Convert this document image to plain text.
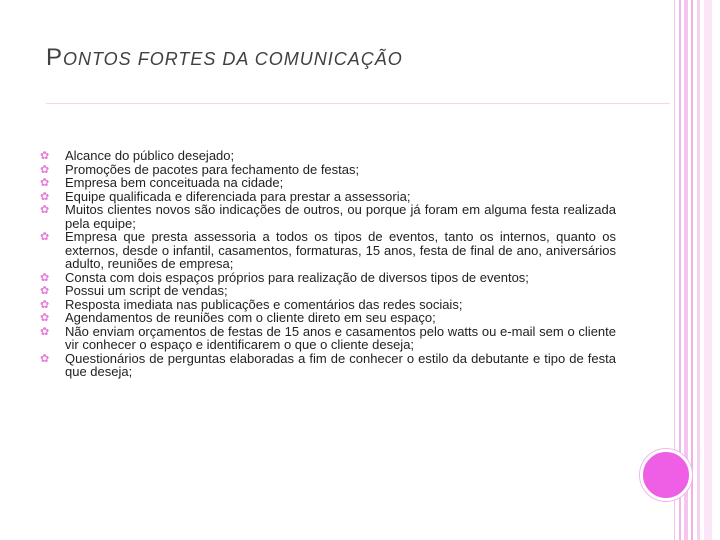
PONTOS FORTES DA COMUNICAÇÃO
✿ Alcance do público desejado;
✿ Promoções de pacotes para fechamento de festas;
✿ Empresa bem conceituada na cidade;
✿ Equipe qualificada e diferenciada para prestar a assessoria;
✿ Muitos clientes novos são indicações de outros, ou porque já foram em alguma festa realizada pela equipe;
✿ Empresa que presta assessoria a todos os tipos de eventos, tanto os internos, quanto os externos, desde o infantil, casamentos, formaturas, 15 anos, festa de final de ano, aniversários adulto, reuniões de empresa;
✿ Consta com dois espaços próprios para realização de diversos tipos de eventos;
✿ Possui um script de vendas;
✿ Resposta imediata nas publicações e comentários das redes sociais;
✿ Agendamentos de reuniões com o cliente direto em seu espaço;
✿ Não enviam orçamentos de festas de 15 anos e casamentos pelo watts ou e-mail sem o cliente vir conhecer o espaço e identificarem o que o cliente deseja;
✿ Questionários de perguntas elaboradas a fim de conhecer o estilo da debutante e tipo de festa que deseja;
